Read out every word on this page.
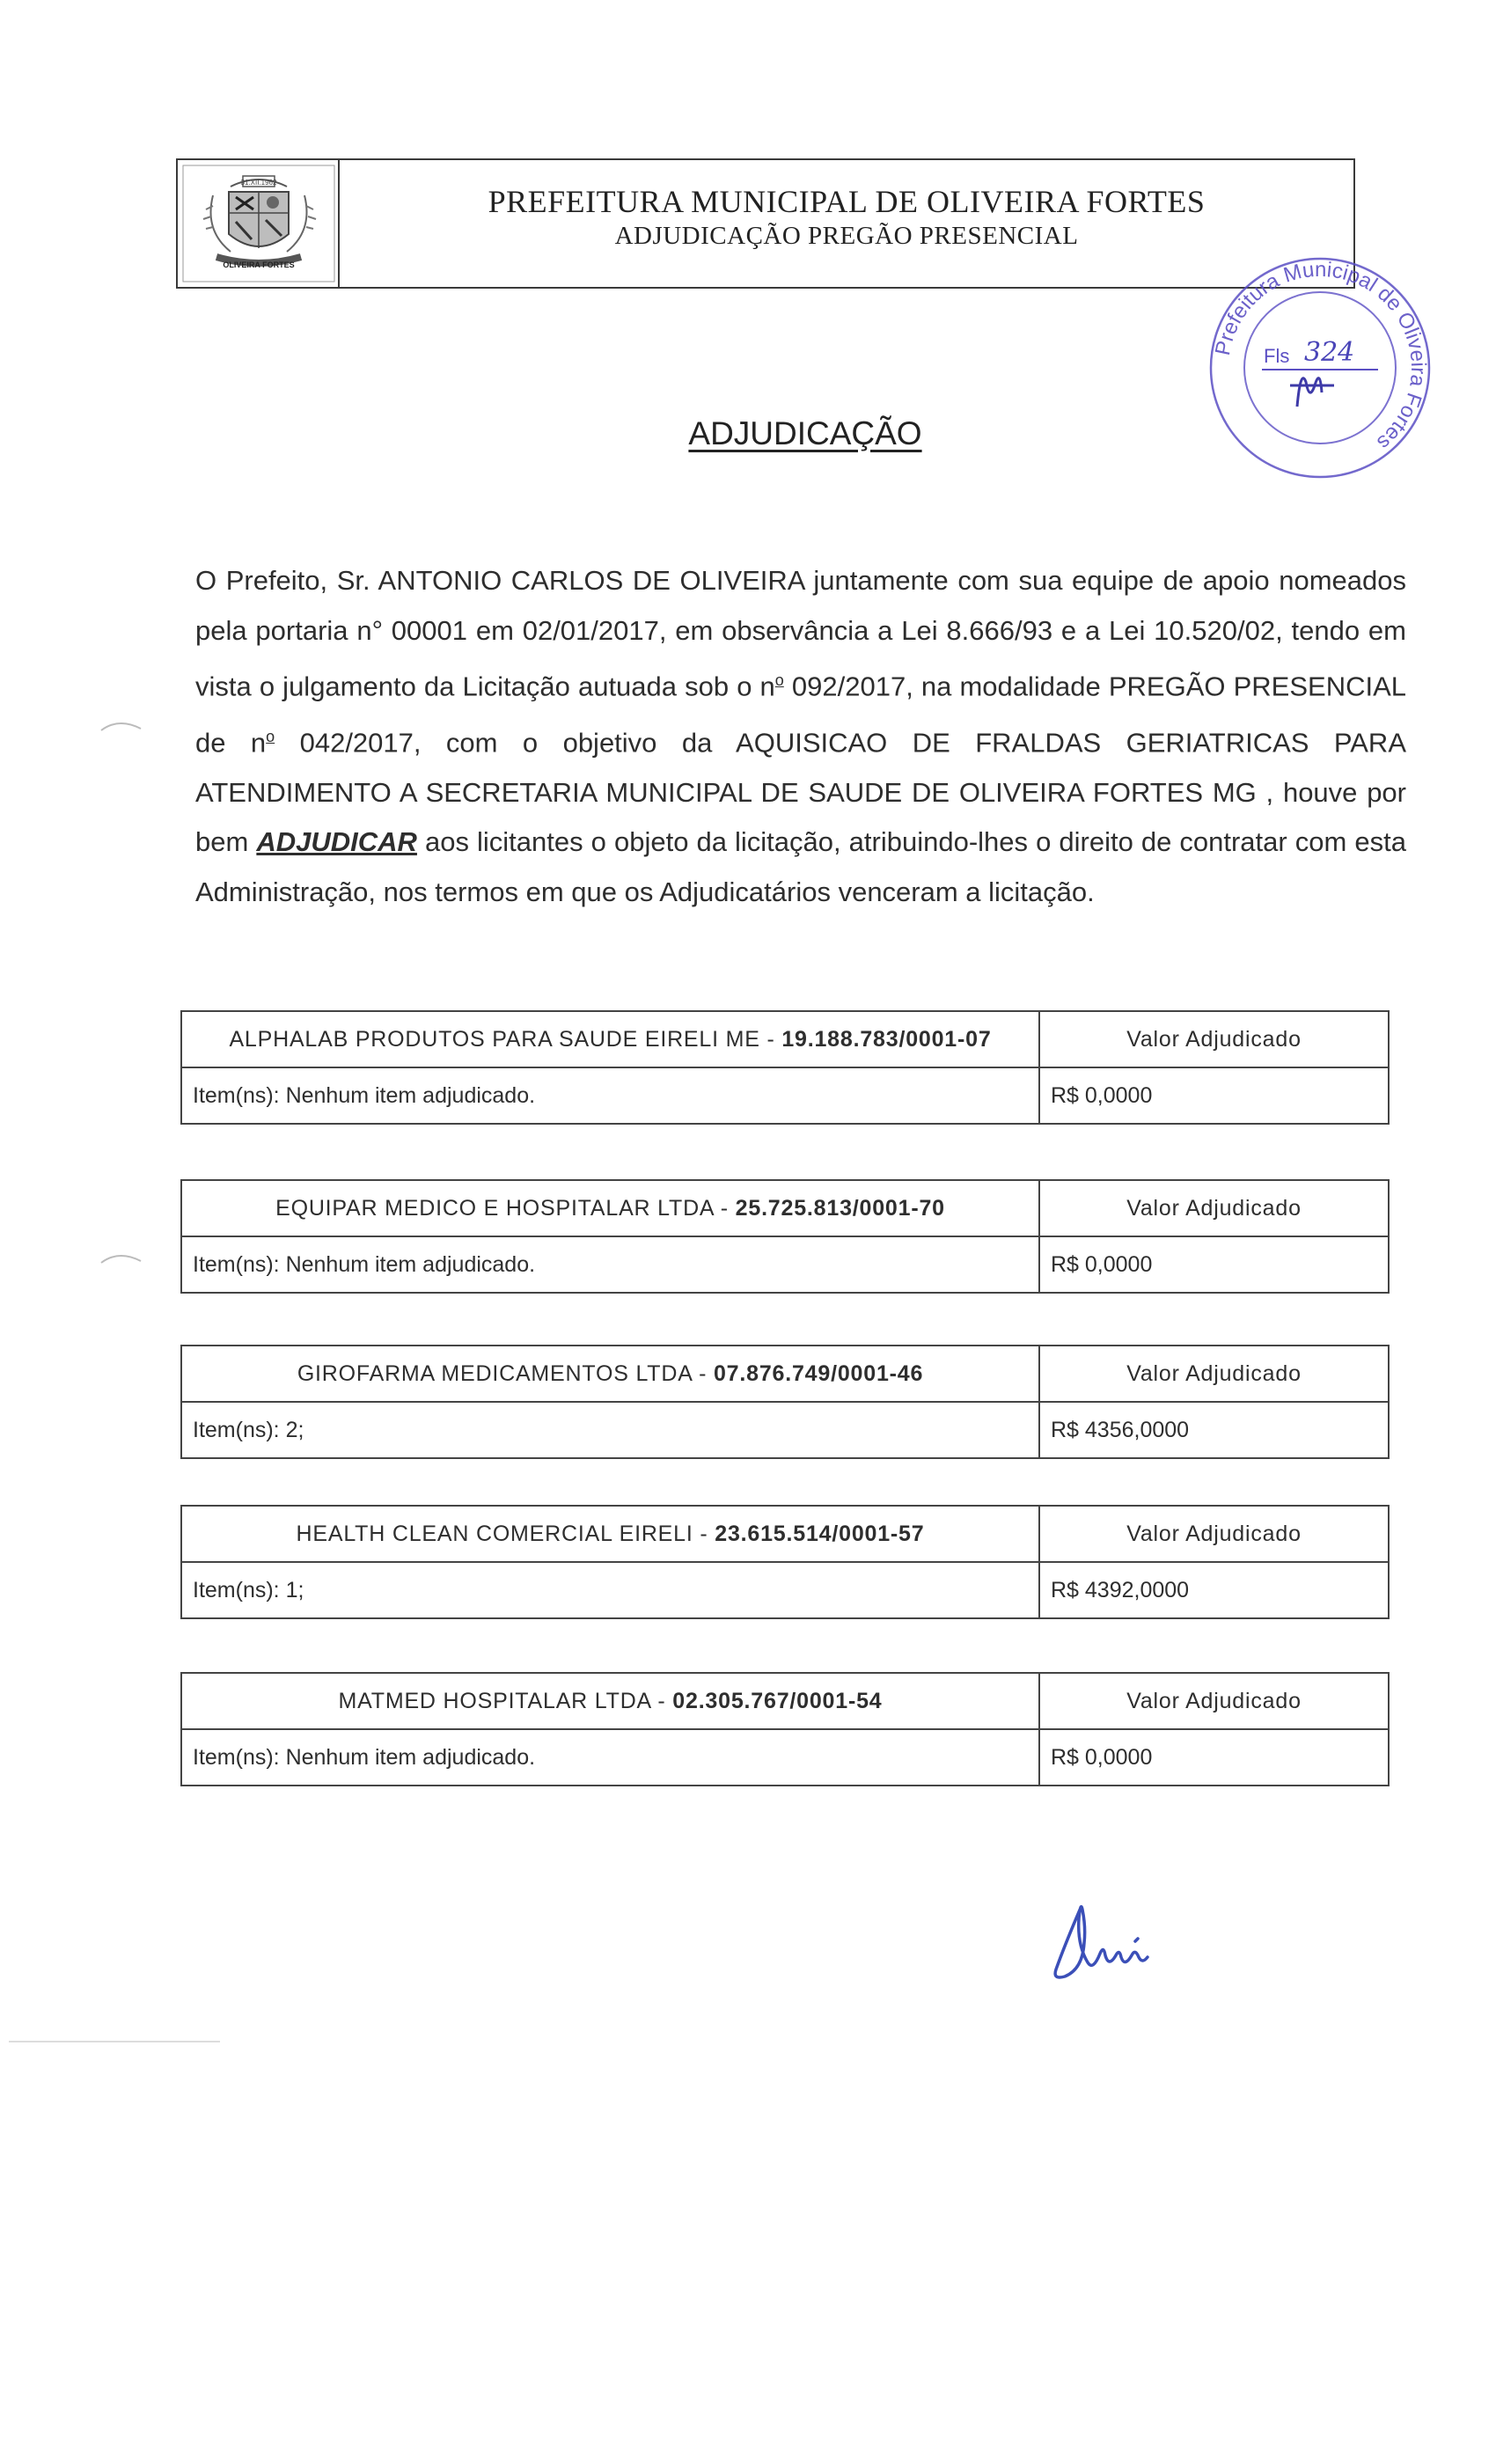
31.XII.1962
OLIVEIRA FORTES
PREFEITURA MUNICIPAL DE OLIVEIRA FORTES
ADJUDICAÇÃO PREGÃO PRESENCIAL
Prefeitura Municipal de Oliveira Fortes
Fls 324
ADJUDICAÇÃO
O Prefeito, Sr. ANTONIO CARLOS DE OLIVEIRA juntamente com sua equipe de apoio nomeados pela portaria n° 00001 em 02/01/2017, em observância a Lei 8.666/93 e a Lei 10.520/02, tendo em vista o julgamento da Licitação autuada sob o $n^o$ 092/2017, na modalidade PREGÃO PRESENCIAL de $n^o$ 042/2017, com o objetivo da AQUISICAO DE FRALDAS GERIATRICAS PARA ATENDIMENTO A SECRETARIA MUNICIPAL DE SAUDE DE OLIVEIRA FORTES MG , houve por bem ADJUDICAR aos licitantes o objeto da licitação, atribuindo-lhes o direito de contratar com esta Administração, nos termos em que os Adjudicatários venceram a licitação.
ALPHALAB PRODUTOS PARA SAUDE EIRELI ME - 19.188.783/0001-07	Valor Adjudicado
Item(ns): Nenhum item adjudicado.	R$ 0,0000
EQUIPAR MEDICO E HOSPITALAR LTDA - 25.725.813/0001-70	Valor Adjudicado
Item(ns): Nenhum item adjudicado.	R$ 0,0000
GIROFARMA MEDICAMENTOS LTDA - 07.876.749/0001-46	Valor Adjudicado
Item(ns): 2;	R$ 4356,0000
HEALTH CLEAN COMERCIAL EIRELI - 23.615.514/0001-57	Valor Adjudicado
Item(ns): 1;	R$ 4392,0000
MATMED HOSPITALAR LTDA - 02.305.767/0001-54	Valor Adjudicado
Item(ns): Nenhum item adjudicado.	R$ 0,0000
